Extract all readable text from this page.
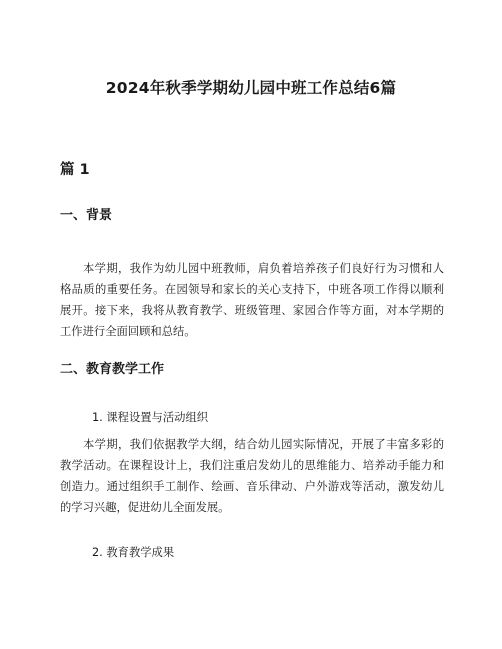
2024年秋季学期幼儿园中班工作总结6篇
篇 1
一、背景
本学期，我作为幼儿园中班教师，肩负着培养孩子们良好行为习惯和人格品质的重要任务。在园领导和家长的关心支持下，中班各项工作得以顺利展开。接下来，我将从教育教学、班级管理、家园合作等方面，对本学期的工作进行全面回顾和总结。
二、教育教学工作
1. 课程设置与活动组织
本学期，我们依据教学大纲，结合幼儿园实际情况，开展了丰富多彩的教学活动。在课程设计上，我们注重启发幼儿的思维能力、培养动手能力和创造力。通过组织手工制作、绘画、音乐律动、户外游戏等活动，激发幼儿的学习兴趣，促进幼儿全面发展。
2. 教育教学成果
